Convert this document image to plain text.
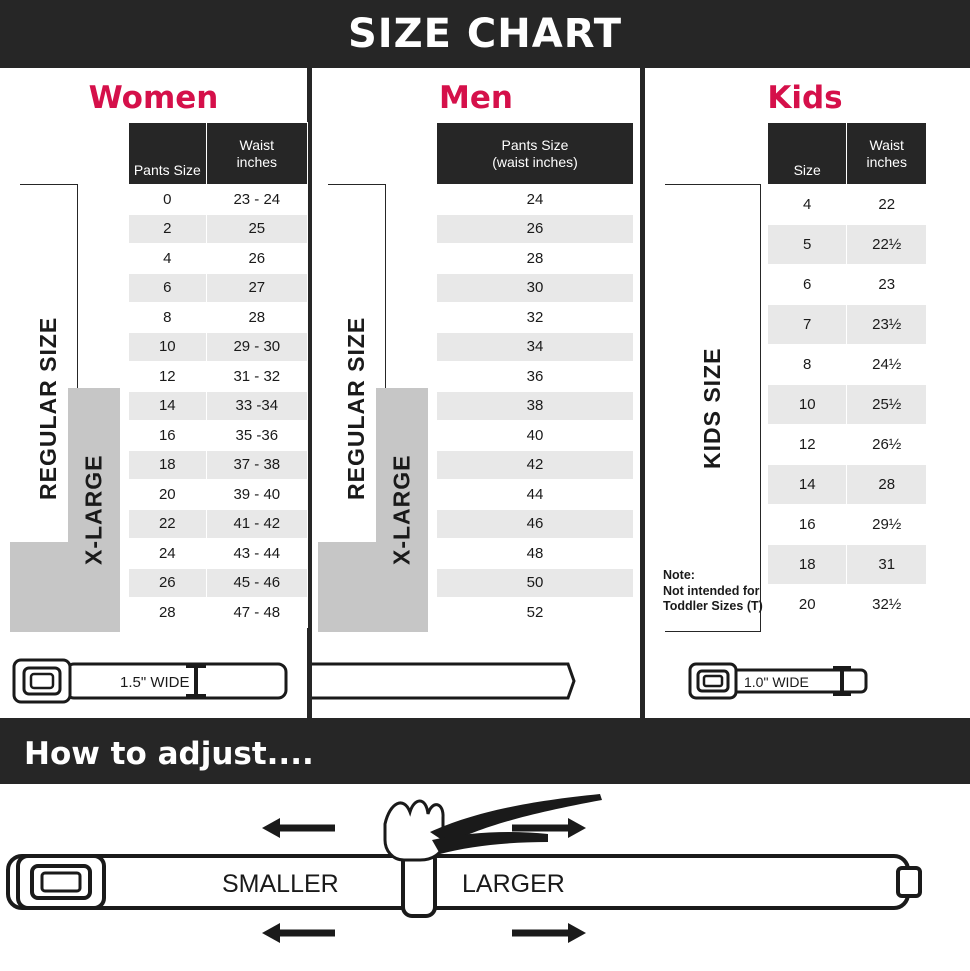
SIZE CHART
Women
REGULAR SIZE
X-LARGE
Pants Size	Waist
inches

0	23 - 24
2	25
4	26
6	27
8	28
10	29 - 30
12	31 - 32
14	33 -34
16	35 -36
18	37 - 38
20	39 - 40
22	41 - 42
24	43 - 44
26	45 - 46
28	47 - 48
1.5" WIDE
Men
REGULAR SIZE
X-LARGE
Pants Size
(waist inches)

24
26
28
30
32
34
36
38
40
42
44
46
48
50
52
Kids
KIDS SIZE
Size	Waist
inches

4	22
5	22½
6	23
7	23½
8	24½
10	25½
12	26½
14	28
16	29½
18	31
20	32½
Note:
Not intended for
Toddler Sizes (T)
1.0" WIDE
How to adjust....
SMALLER	LARGER
